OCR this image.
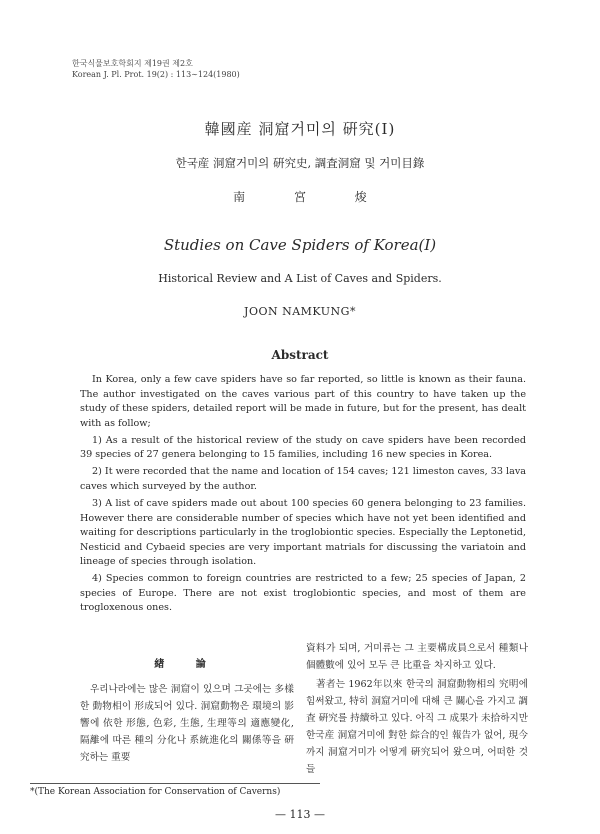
한국식물보호학회지 제19권 제2호
Korean J. Pl. Prot. 19(2) : 113∼124(1980)
韓國産 洞窟거미의 硏究(Ⅰ)
한국産 洞窟거미의 硏究史, 調査洞窟 및 거미目錄
南 宮 焌
Studies on Cave Spiders of Korea(Ⅰ)
Historical Review and A List of Caves and Spiders.
JOON NAMKUNG*
Abstract

In Korea, only a few cave spiders have so far reported, so little is known as their fauna. The author investigated on the caves various part of this country to have taken up the study of these spiders, detailed report will be made in future, but for the present, has dealt with as follow;

1) As a result of the historical review of the study on cave spiders have been recorded 39 species of 27 genera belonging to 15 families, including 16 new species in Korea.

2) It were recorded that the name and location of 154 caves; 121 limeston caves, 33 lava caves which surveyed by the author.

3) A list of cave spiders made out about 100 species 60 genera belonging to 23 families. However there are considerable number of species which have not yet been identified and waiting for descriptions particularly in the troglobiontic species. Especially the Leptonetid, Nesticid and Cybaeid species are very important matrials for discussing the variatoin and lineage of species through isolation.

4) Species common to foreign countries are restricted to a few; 25 species of Japan, 2 species of Europe. There are not exist troglobiontic species, and most of them are trogloxenous ones.

緖 論

우리나라에는 많은 洞窟이 있으며 그곳에는 多樣한 動物相이 形成되어 있다. 洞窟動物은 環境의 影響에 依한 形態, 色彩, 生態, 生理等의 適應變化, 隔離에 따른 種의 分化나 系統進化의 關係等을 硏究하는 重要

資料가 되며, 거미류는 그 主要構成員으로서 種類나 個體數에 있어 모두 큰 比重을 차지하고 있다.

著者는 1962年以來 한국의 洞窟動物相의 究明에 힘써왔고, 特히 洞窟거미에 대해 큰 關心을 가지고 調査 硏究를 持續하고 있다. 아직 그 成果가 未拾하지만 한국産 洞窟거미에 對한 綜合的인 報告가 없어, 現今까지 洞窟거미가 어떻게 硏究되어 왔으며, 어떠한 것들

*(The Korean Association for Conservation of Caverns)
— 113 —
